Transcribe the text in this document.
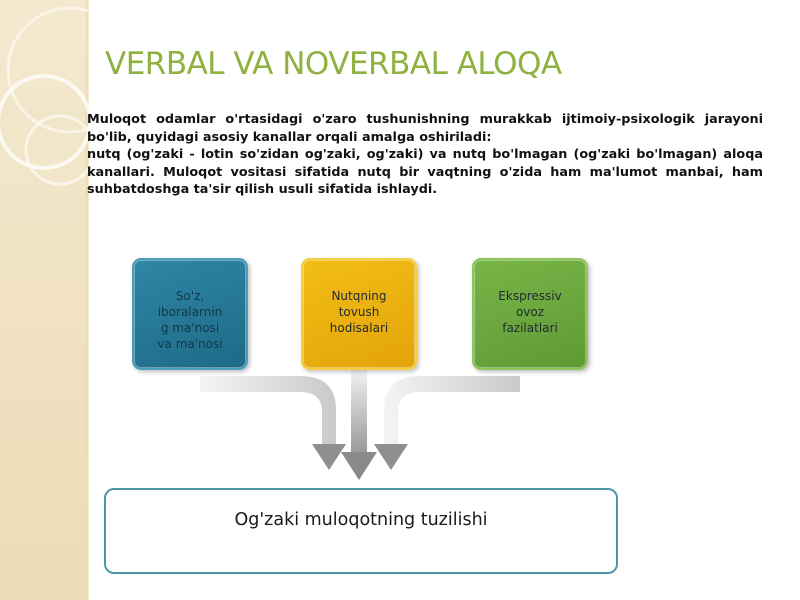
VERBAL VA NOVERBAL ALOQA

Muloqot odamlar o'rtasidagi o'zaro tushunishning murakkab ijtimoiy-psixologik jarayoni bo'lib, quyidagi asosiy kanallar orqali amalga oshiriladi:

nutq (og'zaki - lotin so'zidan og'zaki, og'zaki) va nutq bo'lmagan (og'zaki bo'lmagan) aloqa kanallari. Muloqot vositasi sifatida nutq bir vaqtning o'zida ham ma'lumot manbai, ham suhbatdoshga ta'sir qilish usuli sifatida ishlaydi.

So'z,
iboralarnin
g ma'nosi
va ma'nosi
Nutqning
tovush
hodisalari
Ekspressiv
ovoz
fazilatlari
Og'zaki muloqotning tuzilishi
